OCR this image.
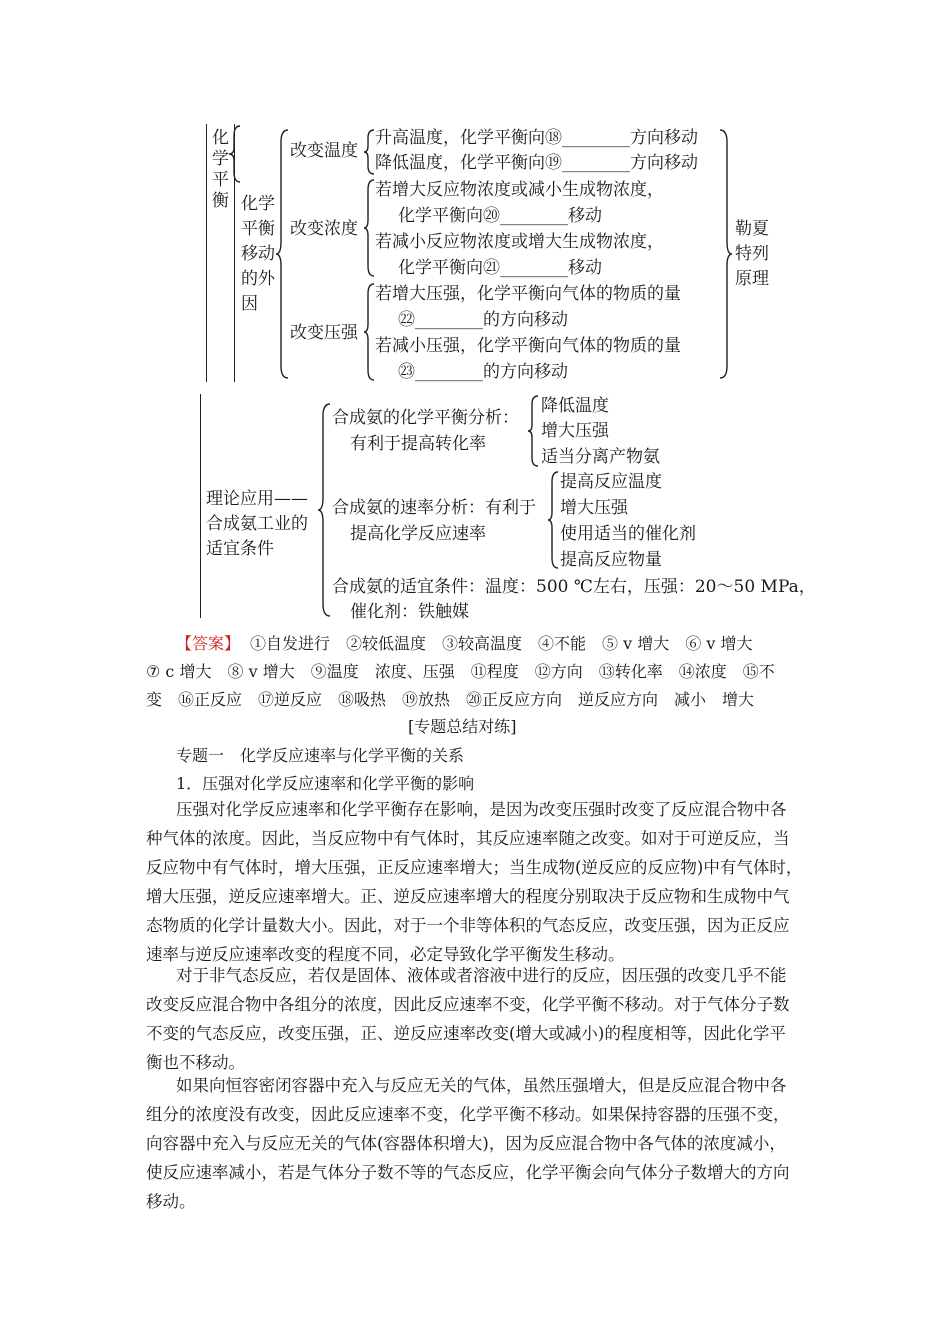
化
学
平
衡 化学
平衡
移动
的外
因
改变温度
升高温度，化学平衡向⑱________方向移动
降低温度，化学平衡向⑲________方向移动
改变浓度
若增大反应物浓度或减小生成物浓度，
化学平衡向⑳________移动
若减小反应物浓度或增大生成物浓度，
化学平衡向㉑________移动
改变压强
若增大压强，化学平衡向气体的物质的量
㉒________的方向移动
若减小压强，化学平衡向气体的物质的量
㉓________的方向移动
勒夏
特列
原理
理论应用——
合成氨工业的
适宜条件
合成氨的化学平衡分析：
有利于提高转化率
降低温度
增大压强
适当分离产物氨
合成氨的速率分析：有利于
提高化学反应速率
提高反应温度
增大压强
使用适当的催化剂
提高反应物量
合成氨的适宜条件：温度：500 ℃左右，压强：20～50 MPa，
催化剂：铁触媒
【答案】 ①自发进行　②较低温度　③较高温度　④不能　⑤ v 增大　⑥ v 增大
⑦ c 增大　⑧ v 增大　⑨温度　浓度、压强　⑪程度　⑫方向　⑬转化率　⑭浓度　⑮不
变　⑯正反应　⑰逆反应　⑱吸热　⑲放热　⑳正反应方向　逆反应方向　减小　增大
[专题总结对练]
专题一　化学反应速率与化学平衡的关系
1．压强对化学反应速率和化学平衡的影响
压强对化学反应速率和化学平衡存在影响，是因为改变压强时改变了反应混合物中各
种气体的浓度。因此，当反应物中有气体时，其反应速率随之改变。如对于可逆反应，当
反应物中有气体时，增大压强，正反应速率增大；当生成物(逆反应的反应物)中有气体时，
增大压强，逆反应速率增大。正、逆反应速率增大的程度分别取决于反应物和生成物中气
态物质的化学计量数大小。因此，对于一个非等体积的气态反应，改变压强，因为正反应
速率与逆反应速率改变的程度不同，必定导致化学平衡发生移动。
对于非气态反应，若仅是固体、液体或者溶液中进行的反应，因压强的改变几乎不能
改变反应混合物中各组分的浓度，因此反应速率不变，化学平衡不移动。对于气体分子数
不变的气态反应，改变压强，正、逆反应速率改变(增大或减小)的程度相等，因此化学平
衡也不移动。
如果向恒容密闭容器中充入与反应无关的气体，虽然压强增大，但是反应混合物中各
组分的浓度没有改变，因此反应速率不变，化学平衡不移动。如果保持容器的压强不变，
向容器中充入与反应无关的气体(容器体积增大)，因为反应混合物中各气体的浓度减小，
使反应速率减小，若是气体分子数不等的气态反应，化学平衡会向气体分子数增大的方向
移动。
